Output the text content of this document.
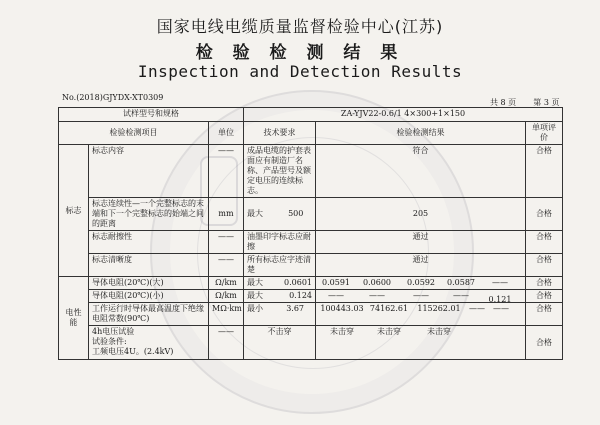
国家电线电缆质量监督检验中心(江苏)
检 验 检 测 结 果
Inspection and Detection Results
No.(2018)GJYDX-XT0309
共 8 页 第 3 页
试样型号和规格			ZA-YJV22-0.6/1 4×300+1×150		
检验检测项目		单位	技术要求	检验检测结果	单项评价
标志	标志内容	——	成品电缆的护套表面应有制造厂名称、产品型号及额定电压的连续标志。	符合	合格
	标志连续性—一个完整标志的末端和下一个完整标志的始端之间的距离	mm	最大 500	205	合格
	标志耐擦性	——	油墨印字标志应耐擦	通过	合格
	标志清晰度	——	所有标志应字迹清楚	通过	合格
电性能	导体电阻(20℃)(大)	Ω/km	最大 0.0601	0.0591 0.0600 0.0592 0.0587 ——	合格
	导体电阻(20℃)(小)	Ω/km	最大 0.124	—— —— —— —— 0.121	合格
	工作运行时导体最高温度下绝缘电阻常数(90℃)	MΩ·km	最小 3.67	100443.03 74162.61 115262.01 —— ——	合格

	4h电压试验
试验条件:
工频电压4U。(2.4kV)	——	不击穿	未击穿 未击穿 未击穿	合格
